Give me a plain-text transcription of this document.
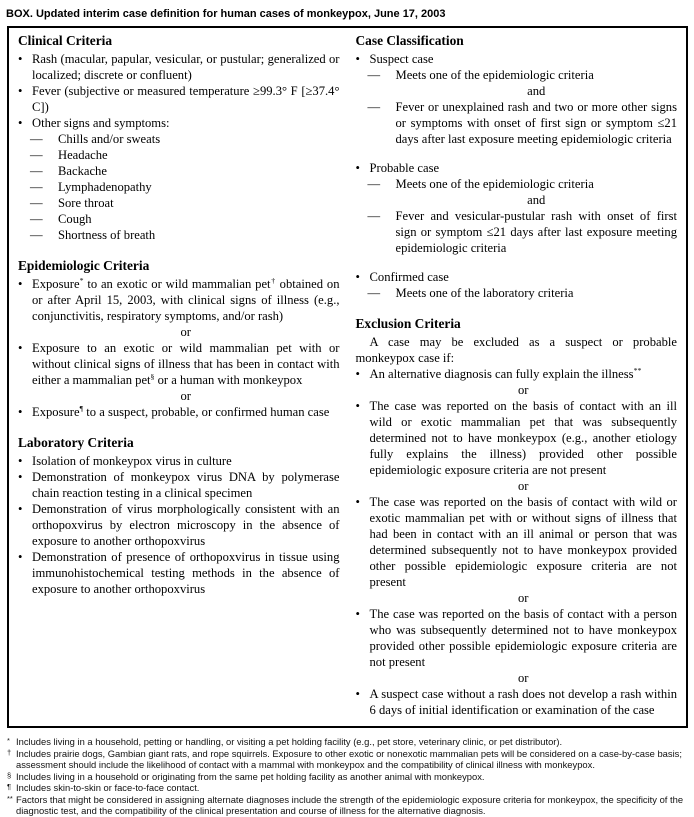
BOX. Updated interim case definition for human cases of monkeypox, June 17, 2003
Clinical Criteria
• Rash (macular, papular, vesicular, or pustular; generalized or localized; discrete or confluent)
• Fever (subjective or measured temperature ≥99.3° F [≥37.4° C])
• Other signs and symptoms:
—	Chills and/or sweats
—	Headache
—	Backache
—	Lymphadenopathy
—	Sore throat
—	Cough
—	Shortness of breath
Epidemiologic Criteria
• Exposure* to an exotic or wild mammalian pet† obtained on or after April 15, 2003, with clinical signs of illness (e.g., conjunctivitis, respiratory symptoms, and/or rash)
or
• Exposure to an exotic or wild mammalian pet with or without clinical signs of illness that has been in contact with either a mammalian pet§ or a human with monkeypox
or
• Exposure¶ to a suspect, probable, or confirmed human case
Laboratory Criteria
• Isolation of monkeypox virus in culture
• Demonstration of monkeypox virus DNA by polymerase chain reaction testing in a clinical specimen
• Demonstration of virus morphologically consistent with an orthopoxvirus by electron microscopy in the absence of exposure to another orthopoxvirus
• Demonstration of presence of orthopoxvirus in tissue using immunohistochemical testing methods in the absence of exposure to another orthopoxvirus
Case Classification
• Suspect case
—	Meets one of the epidemiologic criteria
and
—	Fever or unexplained rash and two or more other signs or symptoms with onset of first sign or symptom ≤21 days after last exposure meeting epidemiologic criteria
• Probable case
—	Meets one of the epidemiologic criteria
and
—	Fever and vesicular-pustular rash with onset of first sign or symptom ≤21 days after last exposure meeting epidemiologic criteria
• Confirmed case
—	Meets one of the laboratory criteria
Exclusion Criteria

A case may be excluded as a suspect or probable monkeypox case if:

• An alternative diagnosis can fully explain the illness**
or
• The case was reported on the basis of contact with an ill wild or exotic mammalian pet that was subsequently determined not to have monkeypox (e.g., another etiology fully explains the illness) provided other possible epidemiologic exposure criteria are not present
or
• The case was reported on the basis of contact with wild or exotic mammalian pet with or without signs of illness that had been in contact with an ill animal or person that was determined subsequently not to have monkeypox provided other possible epidemiologic exposure criteria are not present
or
• The case was reported on the basis of contact with a person who was subsequently determined not to have monkeypox provided other possible epidemiologic exposure criteria are not present
or
• A suspect case without a rash does not develop a rash within 6 days of initial identification or examination of the case
* Includes living in a household, petting or handling, or visiting a pet holding facility (e.g., pet store, veterinary clinic, or pet distributor).
† Includes prairie dogs, Gambian giant rats, and rope squirrels. Exposure to other exotic or nonexotic mammalian pets will be considered on a case-by-case basis; assessment should include the likelihood of contact with a mammal with monkeypox and the compatibility of clinical illness with monkeypox.
§ Includes living in a household or originating from the same pet holding facility as another animal with monkeypox.
¶ Includes skin-to-skin or face-to-face contact.
** Factors that might be considered in assigning alternate diagnoses include the strength of the epidemiologic exposure criteria for monkeypox, the specificity of the diagnostic test, and the compatibility of the clinical presentation and course of illness for the alternative diagnosis.
